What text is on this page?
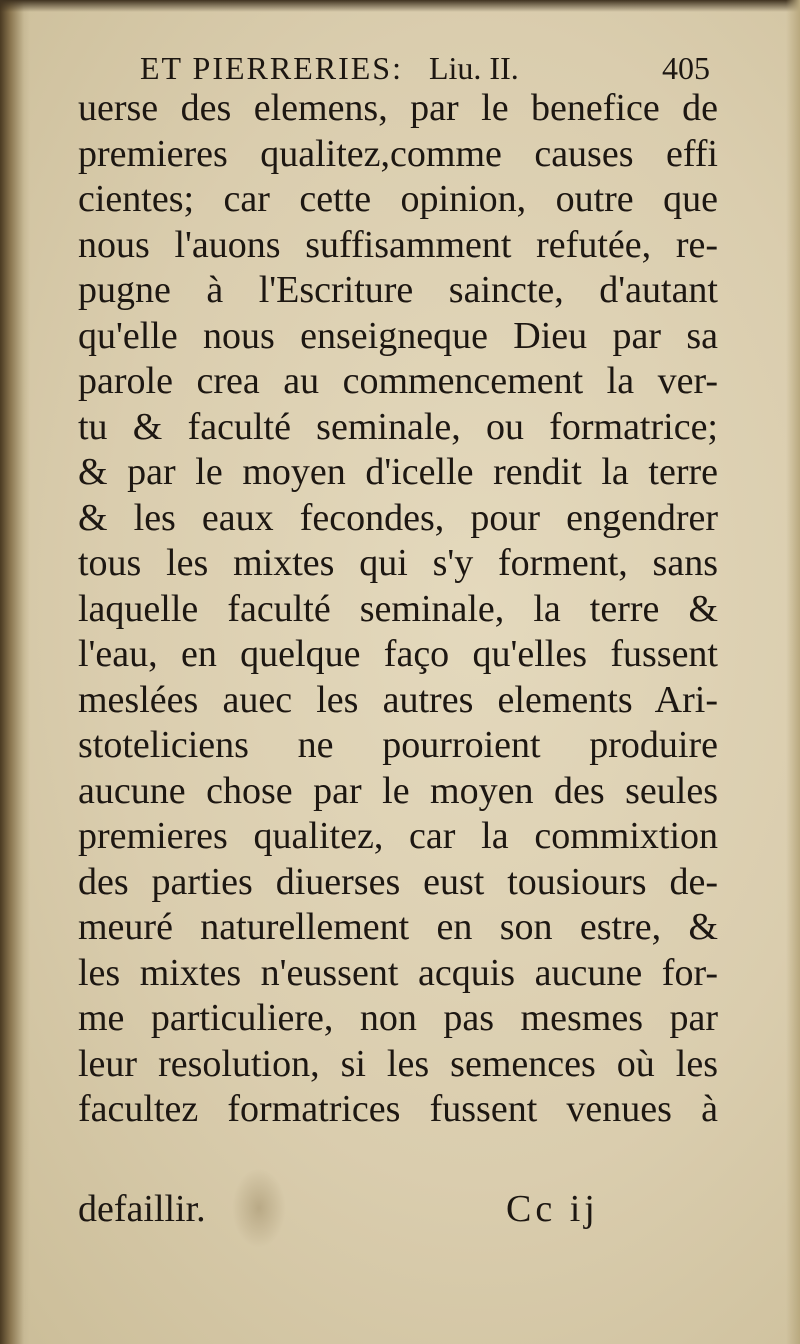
ET PIERRERIES: Liu. II.	405
uerse des elemens, par le benefice de
premieres qualitez,comme causes effi
cientes; car cette opinion, outre que
nous l'auons suffisamment refutée, re-
pugne à l'Escriture saincte, d'autant
qu'elle nous enseigneque Dieu par sa
parole crea au commencement la ver-
tu & faculté seminale, ou formatrice;
& par le moyen d'icelle rendit la terre
& les eaux fecondes, pour engendrer
tous les mixtes qui s'y forment, sans
laquelle faculté seminale, la terre &
l'eau, en quelque faço qu'elles fussent
meslées auec les autres elements Ari-
stoteliciens ne pourroient produire
aucune chose par le moyen des seules
premieres qualitez, car la commixtion
des parties diuerses eust tousiours de-
meuré naturellement en son estre, &
les mixtes n'eussent acquis aucune for-
me particuliere, non pas mesmes par
leur resolution, si les semences où les
facultez formatrices fussent venues à
defaillir.	Cc ij
